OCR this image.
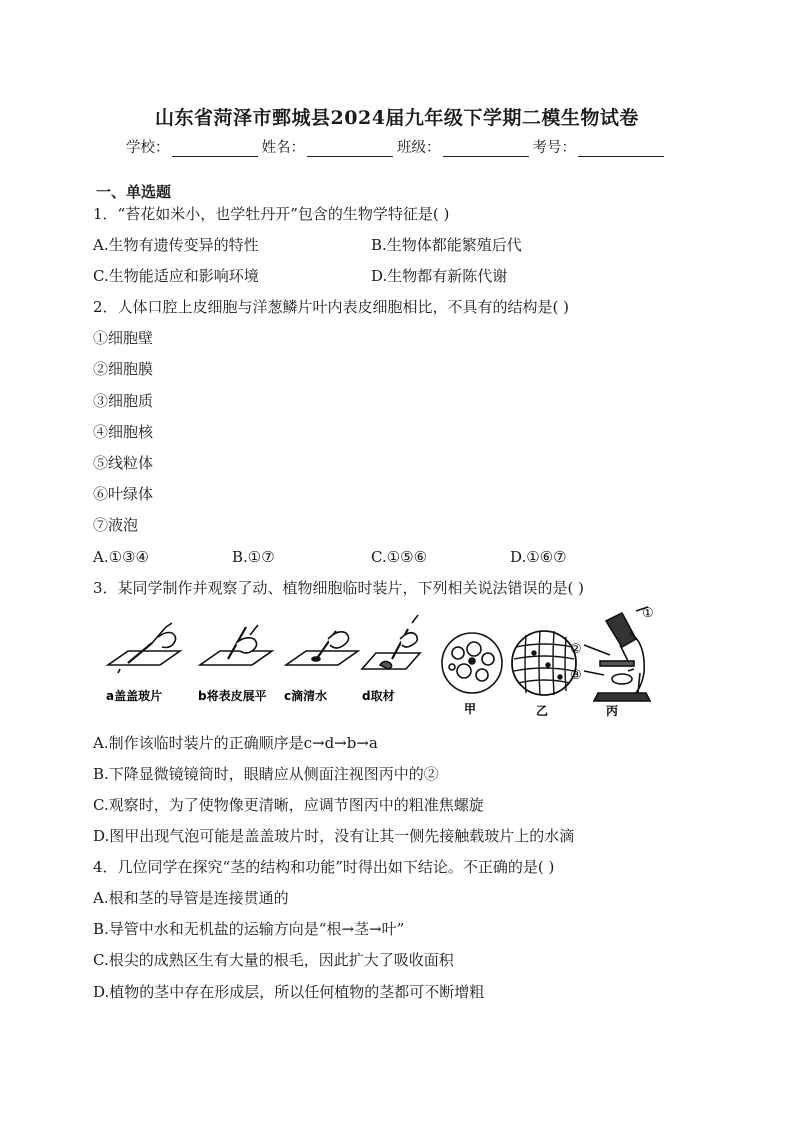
山东省菏泽市鄄城县2024届九年级下学期二模生物试卷
学校：	姓名：	班级：	考号：
一、单选题
1．“苔花如米小，也学牡丹开”包含的生物学特征是( )
A.生物有遗传变异的特性	B.生物体都能繁殖后代
C.生物能适应和影响环境	D.生物都有新陈代谢
2．人体口腔上皮细胞与洋葱鳞片叶内表皮细胞相比，不具有的结构是( )
①细胞壁
②细胞膜
③细胞质
④细胞核
⑤线粒体
⑥叶绿体
⑦液泡
A.①③④	B.①⑦	C.①⑤⑥	D.①⑥⑦
3．某同学制作并观察了动、植物细胞临时装片，下列相关说法错误的是( )
a盖盖玻片	b将表皮展平 c滴清水	d取材
甲	乙
①
②
③
丙
A.制作该临时装片的正确顺序是c→d→b→a
B.下降显微镜镜筒时，眼睛应从侧面注视图丙中的②
C.观察时，为了使物像更清晰，应调节图丙中的粗准焦螺旋
D.图甲出现气泡可能是盖盖玻片时，没有让其一侧先接触载玻片上的水滴
4．几位同学在探究“茎的结构和功能”时得出如下结论。不正确的是( )
A.根和茎的导管是连接贯通的
B.导管中水和无机盐的运输方向是“根→茎→叶”
C.根尖的成熟区生有大量的根毛，因此扩大了吸收面积
D.植物的茎中存在形成层，所以任何植物的茎都可不断增粗
